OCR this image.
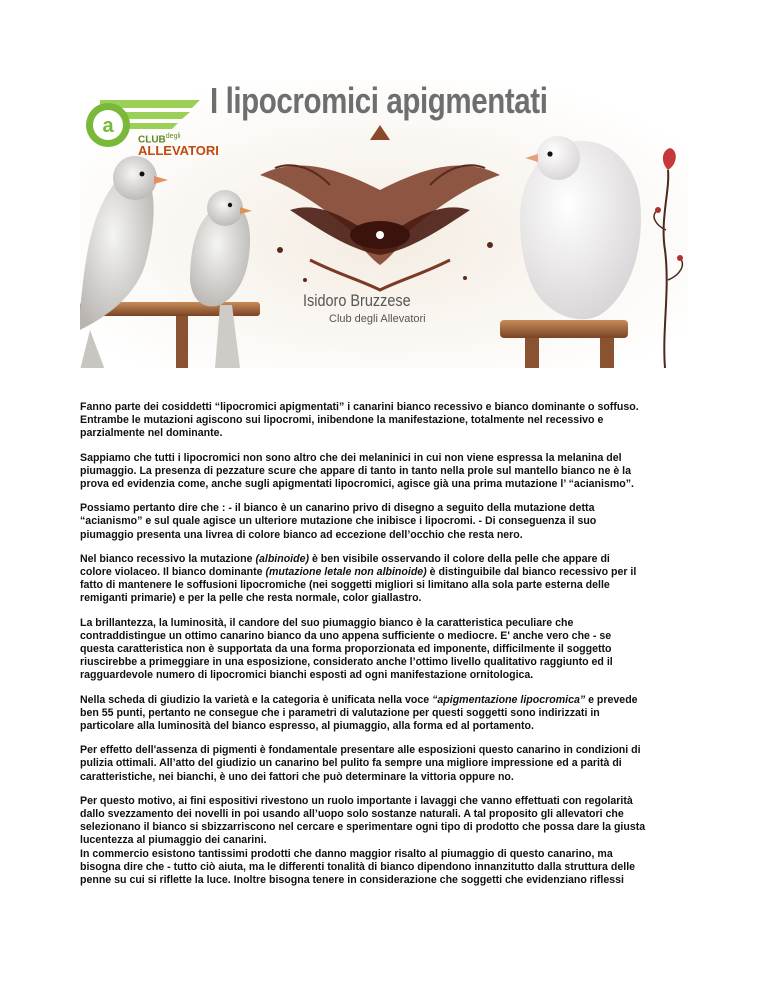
a
I lipocromici apigmentati
$CLUB^{degli}$
ALLEVATORI
Isidoro Bruzzese
Club degli Allevatori

Fanno parte dei cosiddetti “lipocromici apigmentati” i canarini bianco recessivo e bianco dominante o soffuso.
Entrambe le mutazioni agiscono sui lipocromi, inibendone la manifestazione, totalmente nel recessivo e
parzialmente nel dominante.

Sappiamo che tutti i lipocromici non sono altro che dei melaninici in cui non viene espressa la melanina del
piumaggio. La presenza di pezzature scure che appare di tanto in tanto nella prole sul mantello bianco ne è la
prova ed evidenzia come, anche sugli apigmentati lipocromici, agisce già una prima mutazione l’ “acianismo”.

Possiamo pertanto dire che : - il bianco è un canarino privo di disegno a seguito della mutazione detta
“acianismo” e sul quale agisce un ulteriore mutazione che inibisce i lipocromi. - Di conseguenza il suo
piumaggio presenta una livrea di colore bianco ad eccezione dell’occhio che resta nero.

Nel bianco recessivo la mutazione (albinoide) è ben visibile osservando il colore della pelle che appare di
colore violaceo. Il bianco dominante (mutazione letale non albinoide) è distinguibile dal bianco recessivo per il
fatto di mantenere le soffusioni lipocromiche (nei soggetti migliori si limitano alla sola parte esterna delle
remiganti primarie) e per la pelle che resta normale, color giallastro.

La brillantezza, la luminosità, il candore del suo piumaggio bianco è la caratteristica peculiare che
contraddistingue un ottimo canarino bianco da uno appena sufficiente o mediocre. E' anche vero che - se
questa caratteristica non è supportata da una forma proporzionata ed imponente, difficilmente il soggetto
riuscirebbe a primeggiare in una esposizione, considerato anche l’ottimo livello qualitativo raggiunto ed il
ragguardevole numero di lipocromici bianchi esposti ad ogni manifestazione ornitologica.

Nella scheda di giudizio la varietà e la categoria è unificata nella voce “apigmentazione lipocromica” e prevede
ben 55 punti, pertanto ne consegue che i parametri di valutazione per questi soggetti sono indirizzati in
particolare alla luminosità del bianco espresso, al piumaggio, alla forma ed al portamento.

Per effetto dell'assenza di pigmenti è fondamentale presentare alle esposizioni questo canarino in condizioni di
pulizia ottimali. All’atto del giudizio un canarino bel pulito fa sempre una migliore impressione ed a parità di
caratteristiche, nei bianchi, è uno dei fattori che può determinare la vittoria oppure no.

Per questo motivo, ai fini espositivi rivestono un ruolo importante i lavaggi che vanno effettuati con regolarità
dallo svezzamento dei novelli in poi usando all’uopo solo sostanze naturali. A tal proposito gli allevatori che
selezionano il bianco si sbizzarriscono nel cercare e sperimentare ogni tipo di prodotto che possa dare la giusta
lucentezza al piumaggio dei canarini.
In commercio esistono tantissimi prodotti che danno maggior risalto al piumaggio di questo canarino, ma
bisogna dire che - tutto ciò aiuta, ma le differenti tonalità di bianco dipendono innanzitutto dalla struttura delle
penne su cui si riflette la luce. Inoltre bisogna tenere in considerazione che soggetti che evidenziano riflessi
